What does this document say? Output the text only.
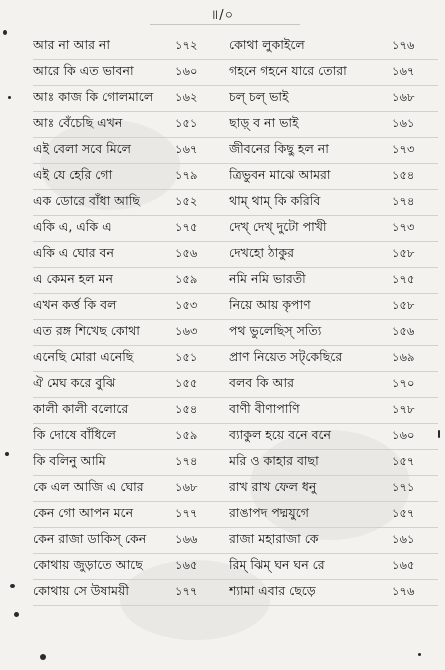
॥/০
আর না আর না	১৭২	কোথা লুকাইলে	১৭৬
আরে কি এত ভাবনা	১৬০	গহনে গহনে যারে তোরা	১৬৭
আঃ কাজ কি গোলমালে	১৬২	চল্ চল্ ভাই	১৬৮
আঃ বেঁচেছি এখন	১৫১	ছাড়্ ব না ভাই	১৬১
এই বেলা সবে মিলে	১৬৭	জীবনের কিছু হল না	১৭৩
এই যে হেরি গো	১৭৯	ত্রিভুবন মাঝে আমরা	১৫৪
এক ডোরে বাঁধা আছি	১৫২	থাম্ থাম্ কি করিবি	১৭৪
একি এ, একি এ	১৭৫	দেখ্ দেখ্ দুটো পাখী	১৭৩
একি এ ঘোর বন	১৫৬	দেখহো ঠাকুর	১৫৮
এ কেমন হল মন	১৫৯	নমি নমি ভারতী	১৭৫
এখন কর্ত্ত কি বল	১৫৩	নিয়ে আয় কৃপাণ	১৫৮
এত রঙ্গ শিখেছ কোথা	১৬৩	পথ ভুলেছিস্ সত্যি	১৫৬
এনেছি মোরা এনেছি	১৫১	প্রাণ নিয়েত সট্‌কেছিরে	১৬৯
ঐ মেঘ করে বুঝি	১৫৫	বলব কি আর	১৭০
কালী কালী বলোরে	১৫৪	বাণী বীণাপাণি	১৭৮
কি দোষে বাঁধিলে	১৫৯	ব্যাকুল হয়ে বনে বনে	১৬০
কি বলিনু আমি	১৭৪	মরি ও কাহার বাছা	১৫৭
কে এল আজি এ ঘোর	১৬৮	রাখ রাখ ফেল ধনু	১৭১
কেন গো আপন মনে	১৭৭	রাঙাপদ পদ্মযুগে	১৫৭
কেন রাজা ডাকিস্ কেন	১৬৬	রাজা মহারাজা কে	১৬১
কোথায় জুড়াতে আছে	১৬৫	রিম্ ঝিম্ ঘন ঘন রে	১৬৫
কোথায় সে উষাময়ী	১৭৭	শ্যামা এবার ছেড়ে	১৭৬
